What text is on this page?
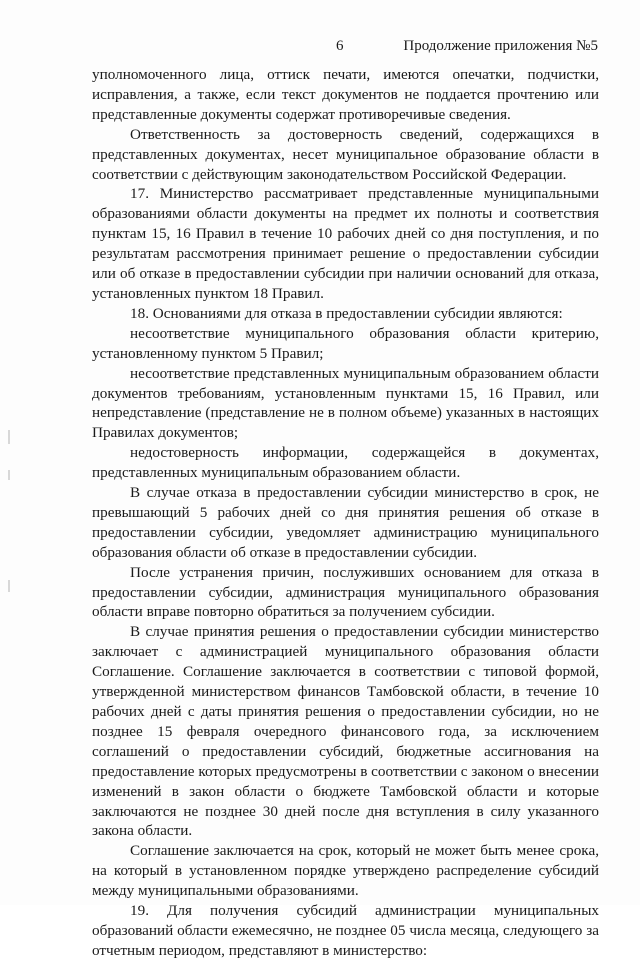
6	Продолжение приложения №5

уполномоченного лица, оттиск печати, имеются опечатки, подчистки, исправления, а также, если текст документов не поддается прочтению или представленные документы содержат противоречивые сведения.

Ответственность за достоверность сведений, содержащихся в представленных документах, несет муниципальное образование области в соответствии с действующим законодательством Российской Федерации.

17. Министерство рассматривает представленные муниципальными образованиями области документы на предмет их полноты и соответствия пунктам 15, 16 Правил в течение 10 рабочих дней со дня поступления, и по результатам рассмотрения принимает решение о предоставлении субсидии или об отказе в предоставлении субсидии при наличии оснований для отказа, установленных пунктом 18 Правил.

18. Основаниями для отказа в предоставлении субсидии являются:

несоответствие муниципального образования области критерию, установленному пунктом 5 Правил;

несоответствие представленных муниципальным образованием области документов требованиям, установленным пунктами 15, 16 Правил, или непредставление (представление не в полном объеме) указанных в настоящих Правилах документов;

недостоверность информации, содержащейся в документах, представленных муниципальным образованием области.

В случае отказа в предоставлении субсидии министерство в срок, не превышающий 5 рабочих дней со дня принятия решения об отказе в предоставлении субсидии, уведомляет администрацию муниципального образования области об отказе в предоставлении субсидии.

После устранения причин, послуживших основанием для отказа в предоставлении субсидии, администрация муниципального образования области вправе повторно обратиться за получением субсидии.

В случае принятия решения о предоставлении субсидии министерство заключает с администрацией муниципального образования области Соглашение. Соглашение заключается в соответствии с типовой формой, утвержденной министерством финансов Тамбовской области, в течение 10 рабочих дней с даты принятия решения о предоставлении субсидии, но не позднее 15 февраля очередного финансового года, за исключением соглашений о предоставлении субсидий, бюджетные ассигнования на предоставление которых предусмотрены в соответствии с законом о внесении изменений в закон области о бюджете Тамбовской области и которые заключаются не позднее 30 дней после дня вступления в силу указанного закона области.

Соглашение заключается на срок, который не может быть менее срока, на который в установленном порядке утверждено распределение субсидий между муниципальными образованиями.

19. Для получения субсидий администрации муниципальных образований области ежемесячно, не позднее 05 числа месяца, следующего за отчетным периодом, представляют в министерство:
